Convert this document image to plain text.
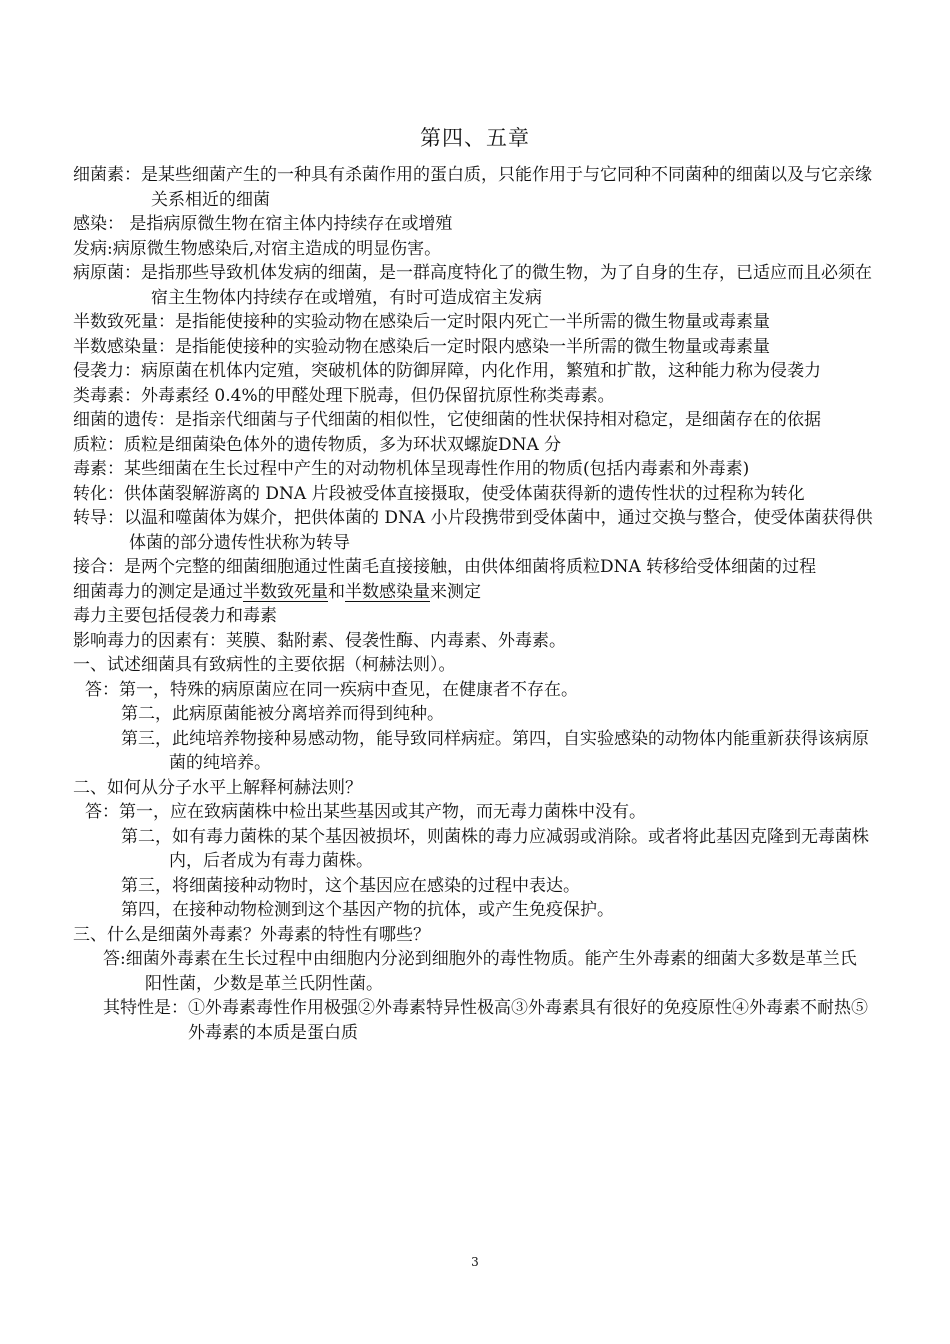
第四、五章

细菌素：是某些细菌产生的一种具有杀菌作用的蛋白质，只能作用于与它同种不同菌种的细菌以及与它亲缘关系相近的细菌

感染： 是指病原微生物在宿主体内持续存在或增殖

发病:病原微生物感染后,对宿主造成的明显伤害。

病原菌：是指那些导致机体发病的细菌，是一群高度特化了的微生物，为了自身的生存，已适应而且必须在宿主生物体内持续存在或增殖，有时可造成宿主发病

半数致死量：是指能使接种的实验动物在感染后一定时限内死亡一半所需的微生物量或毒素量

半数感染量：是指能使接种的实验动物在感染后一定时限内感染一半所需的微生物量或毒素量

侵袭力：病原菌在机体内定殖，突破机体的防御屏障，内化作用，繁殖和扩散，这种能力称为侵袭力

类毒素：外毒素经 0.4%的甲醛处理下脱毒，但仍保留抗原性称类毒素。

细菌的遗传：是指亲代细菌与子代细菌的相似性，它使细菌的性状保持相对稳定，是细菌存在的依据

质粒：质粒是细菌染色体外的遗传物质，多为环状双螺旋DNA 分

毒素：某些细菌在生长过程中产生的对动物机体呈现毒性作用的物质(包括内毒素和外毒素)

转化：供体菌裂解游离的 DNA 片段被受体直接摄取，使受体菌获得新的遗传性状的过程称为转化

转导：以温和噬菌体为媒介，把供体菌的 DNA 小片段携带到受体菌中，通过交换与整合，使受体菌获得供体菌的部分遗传性状称为转导

接合：是两个完整的细菌细胞通过性菌毛直接接触，由供体细菌将质粒DNA 转移给受体细菌的过程

细菌毒力的测定是通过半数致死量和半数感染量来测定

毒力主要包括侵袭力和毒素

影响毒力的因素有：荚膜、黏附素、侵袭性酶、内毒素、外毒素。

一、试述细菌具有致病性的主要依据（柯赫法则）。

答：第一，特殊的病原菌应在同一疾病中查见，在健康者不存在。

第二，此病原菌能被分离培养而得到纯种。

第三，此纯培养物接种易感动物，能导致同样病症。第四，自实验感染的动物体内能重新获得该病原菌的纯培养。

二、如何从分子水平上解释柯赫法则？

答：第一，应在致病菌株中检出某些基因或其产物，而无毒力菌株中没有。

第二，如有毒力菌株的某个基因被损坏，则菌株的毒力应减弱或消除。或者将此基因克隆到无毒菌株内，后者成为有毒力菌株。

第三，将细菌接种动物时，这个基因应在感染的过程中表达。

第四，在接种动物检测到这个基因产物的抗体，或产生免疫保护。

三、什么是细菌外毒素？外毒素的特性有哪些？

答:细菌外毒素在生长过程中由细胞内分泌到细胞外的毒性物质。能产生外毒素的细菌大多数是革兰氏阳性菌，少数是革兰氏阴性菌。

其特性是：①外毒素毒性作用极强②外毒素特异性极高③外毒素具有很好的免疫原性④外毒素不耐热⑤外毒素的本质是蛋白质

3
